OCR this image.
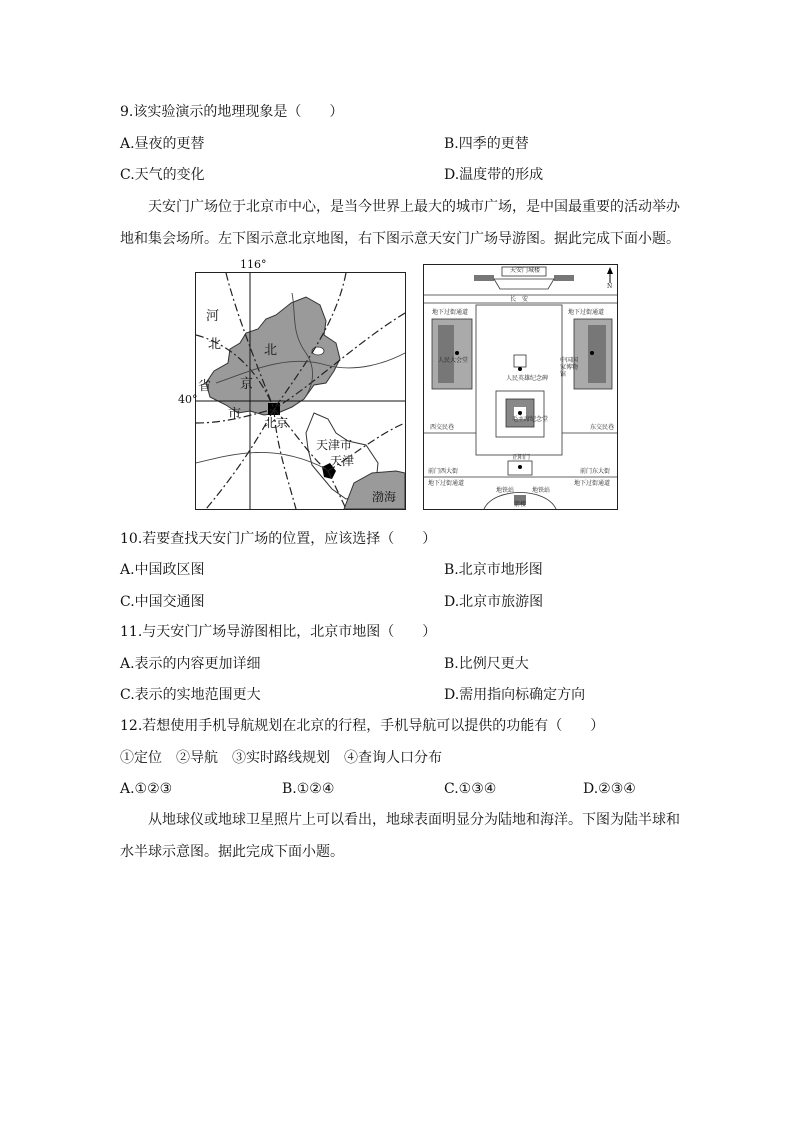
9.该实验演示的地理现象是（　　）
A.昼夜的更替	B.四季的更替
C.天气的变化	D.温度带的形成
天安门广场位于北京市中心，是当今世界上最大的城市广场，是中国最重要的活动举办
地和集会场所。左下图示意北京地图，右下图示意天安门广场导游图。据此完成下面小题。
河
北
省
北
京
市
北京
天津市
天津
渤海
116°
40°
天安门城楼
长　安
地下过街通道	地下过街通道
人民大会堂	中国国家博物馆
人民英雄纪念碑
毛主席纪念堂
西交民巷	东交民巷
前门西大街	前门东大街
正阳门
地下过街通道	地下过街通道
地铁站	地铁站
箭楼
N
10.若要查找天安门广场的位置，应该选择（　　）
A.中国政区图	B.北京市地形图
C.中国交通图	D.北京市旅游图
11.与天安门广场导游图相比，北京市地图（　　）
A.表示的内容更加详细	B.比例尺更大
C.表示的实地范围更大	D.需用指向标确定方向
12.若想使用手机导航规划在北京的行程，手机导航可以提供的功能有（　　）
①定位　②导航　③实时路线规划　④查询人口分布
A.①②③	B.①②④	C.①③④	D.②③④
从地球仪或地球卫星照片上可以看出，地球表面明显分为陆地和海洋。下图为陆半球和
水半球示意图。据此完成下面小题。
